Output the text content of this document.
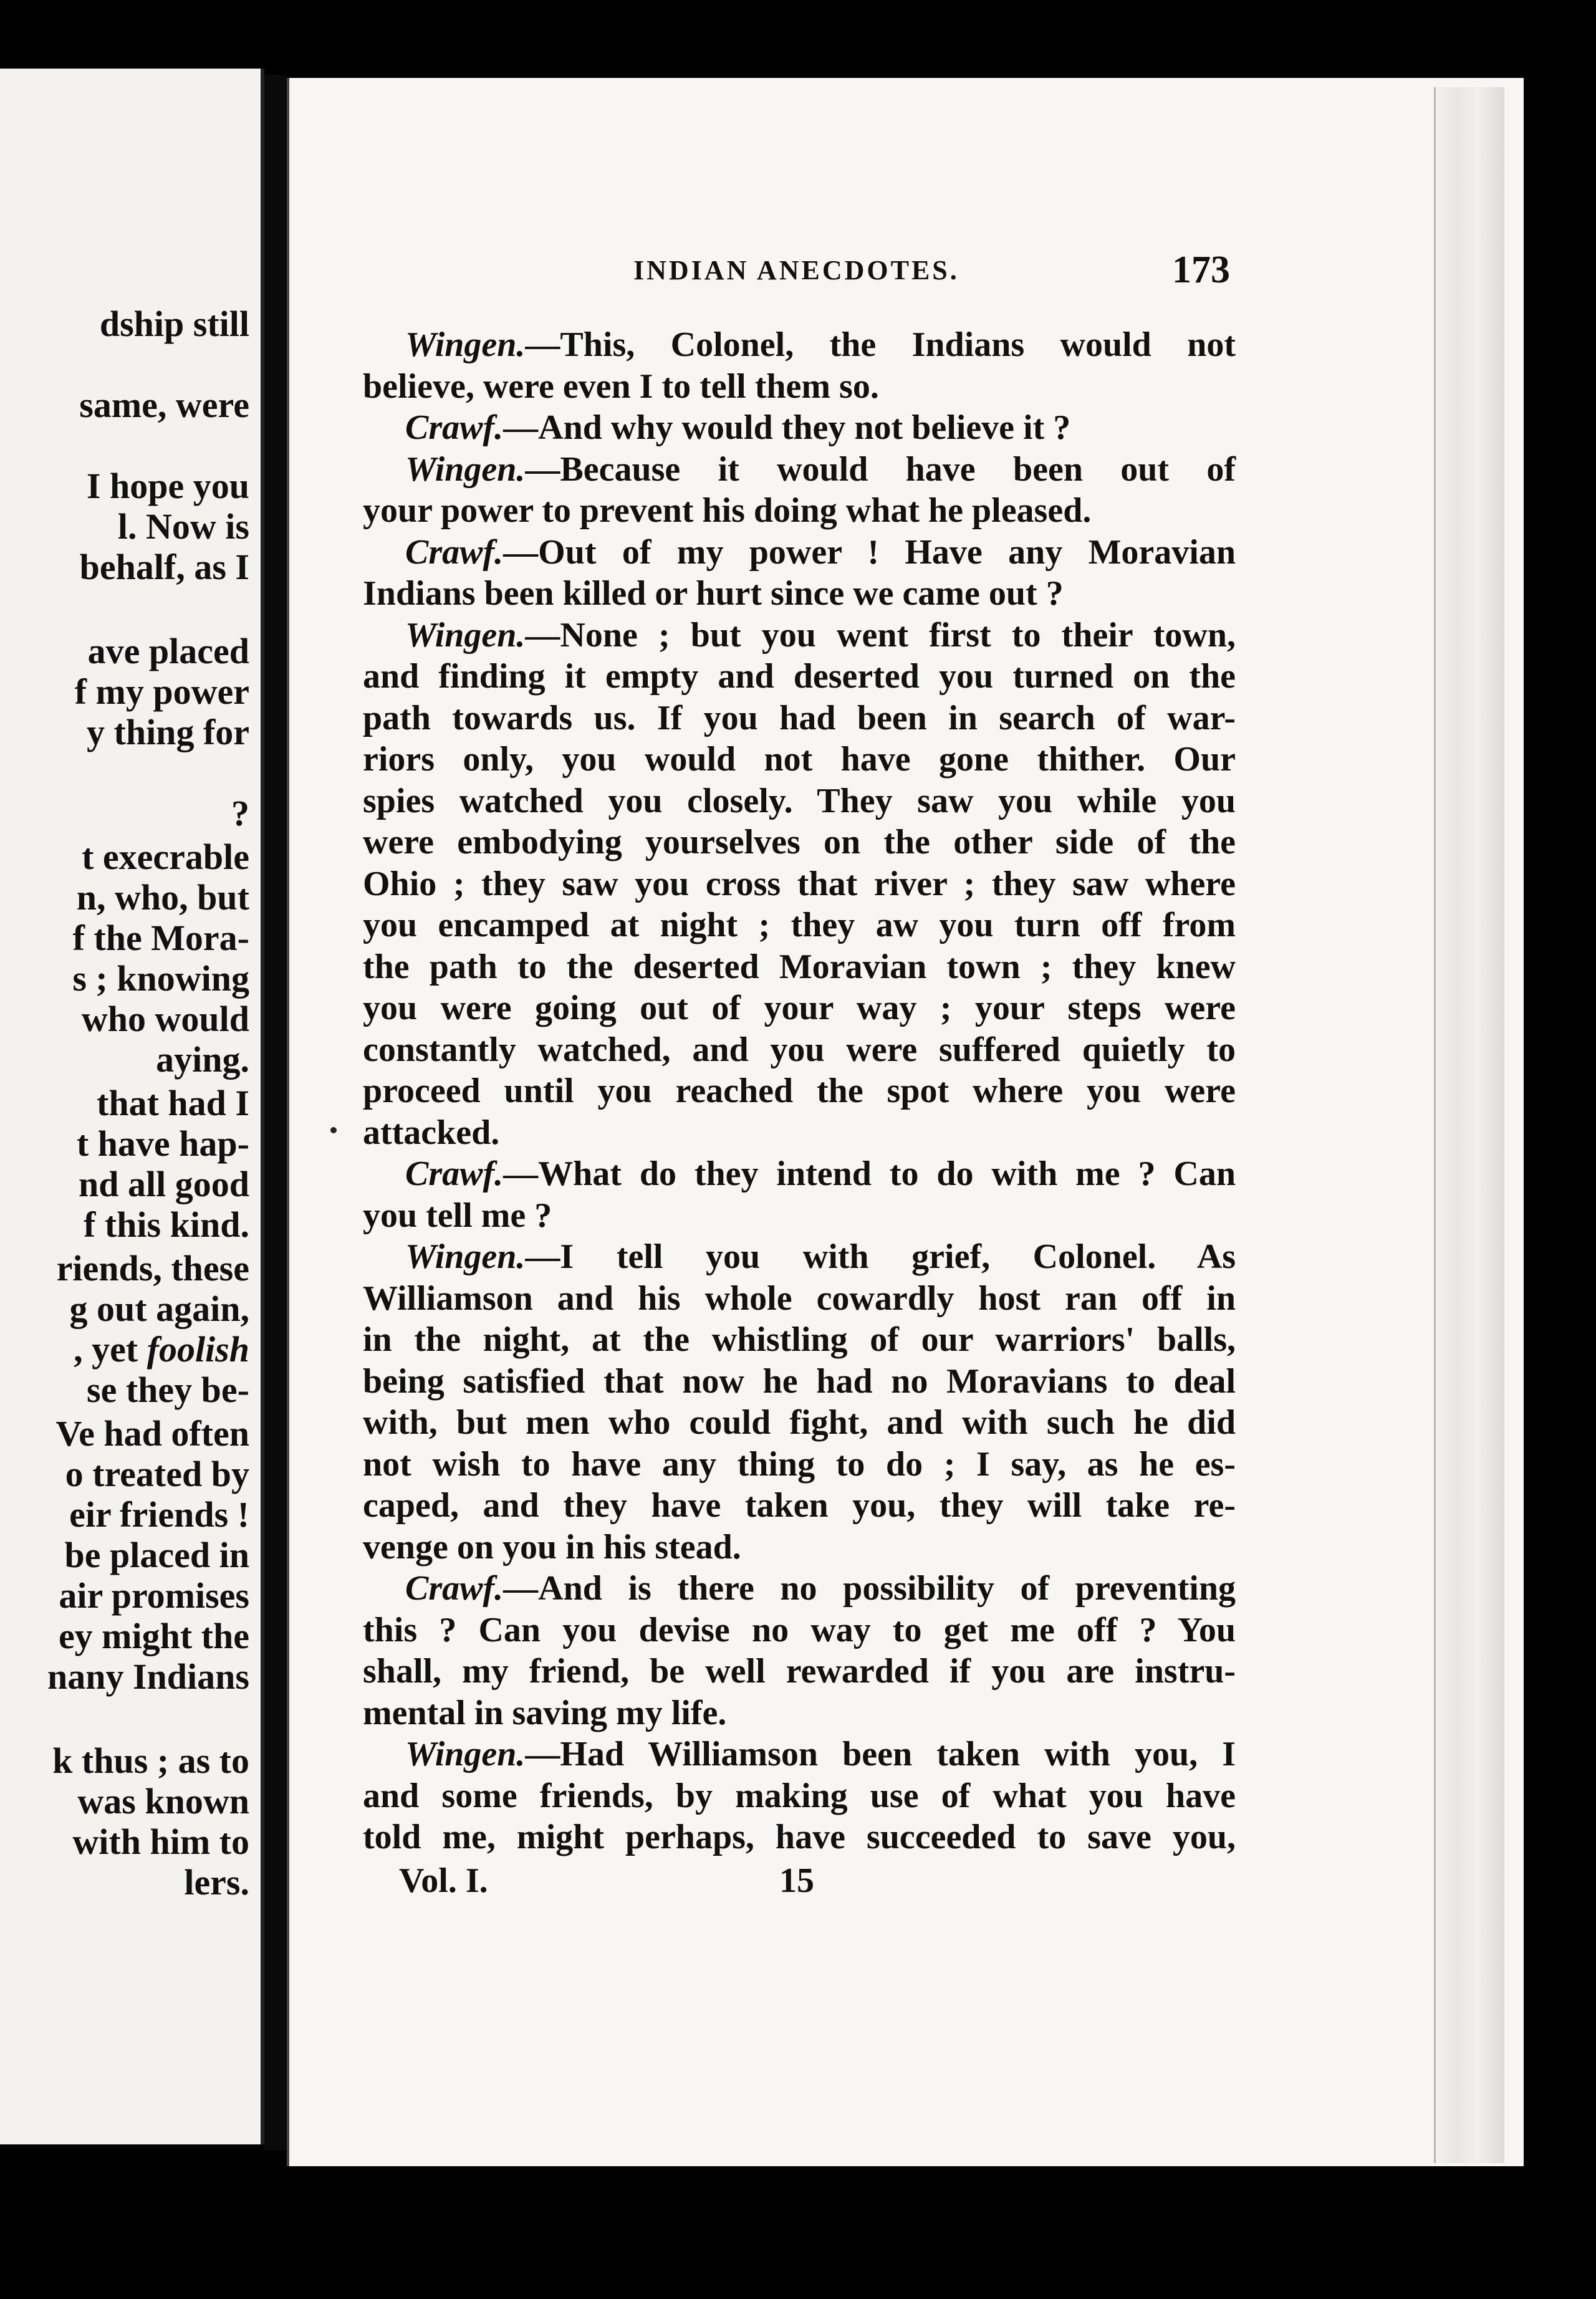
dship still
same, were
I hope you
l. Now is
behalf, as I
ave placed
f my power
y thing for
?
t execrable
n, who, but
f the Mora-
s ; knowing
who would
aying.
that had I
t have hap-
nd all good
f this kind.
riends, these
g out again,
, yet foolish
se they be-
Ve had often
o treated by
eir friends !
be placed in
air promises
ey might the
nany Indians
k thus ; as to
was known
with him to
lers.
INDIAN ANECDOTES.	173
Wingen.—This, Colonel, the Indians would not
believe, were even I to tell them so.
Crawf.—And why would they not believe it ?
Wingen.—Because it would have been out of
your power to prevent his doing what he pleased.
Crawf.—Out of my power ! Have any Moravian
Indians been killed or hurt since we came out ?
Wingen.—None ; but you went first to their town,
and finding it empty and deserted you turned on the
path towards us. If you had been in search of war-
riors only, you would not have gone thither. Our
spies watched you closely. They saw you while you
were embodying yourselves on the other side of the
Ohio ; they saw you cross that river ; they saw where
you encamped at night ; they aw you turn off from
the path to the deserted Moravian town ; they knew
you were going out of your way ; your steps were
constantly watched, and you were suffered quietly to
proceed until you reached the spot where you were
attacked.
Crawf.—What do they intend to do with me ? Can
you tell me ?
Wingen.—I tell you with grief, Colonel. As
Williamson and his whole cowardly host ran off in
in the night, at the whistling of our warriors' balls,
being satisfied that now he had no Moravians to deal
with, but men who could fight, and with such he did
not wish to have any thing to do ; I say, as he es-
caped, and they have taken you, they will take re-
venge on you in his stead.
Crawf.—And is there no possibility of preventing
this ? Can you devise no way to get me off ? You
shall, my friend, be well rewarded if you are instru-
mental in saving my life.
Wingen.—Had Williamson been taken with you, I
and some friends, by making use of what you have
told me, might perhaps, have succeeded to save you,
Vol. I.	15
